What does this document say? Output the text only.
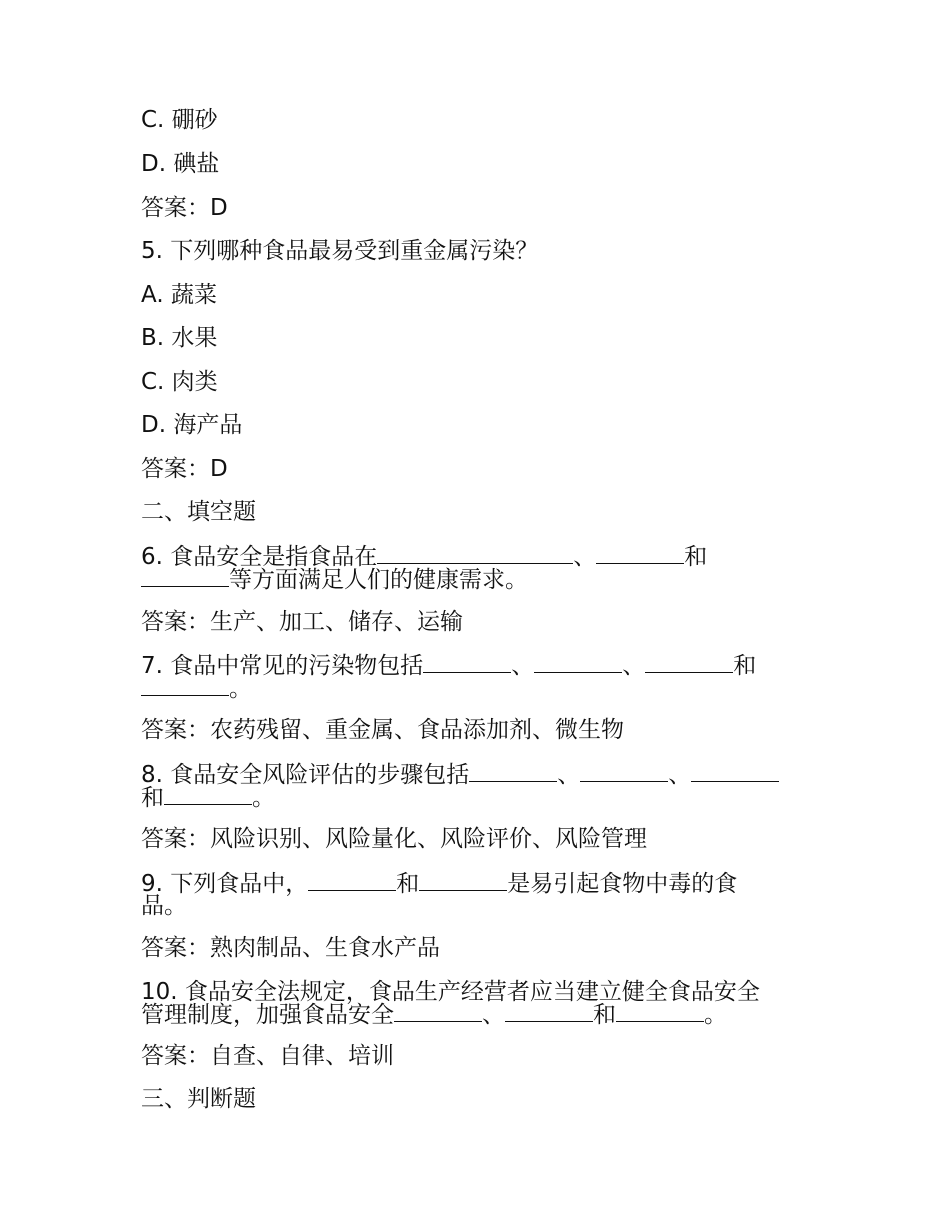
C. 硼砂
D. 碘盐
答案：D
5. 下列哪种食品最易受到重金属污染？
A. 蔬菜
B. 水果
C. 肉类
D. 海产品
答案：D
二、填空题
6. 食品安全是指食品在	、	和
等方面满足人们的健康需求。
答案：生产、加工、储存、运输
7. 食品中常见的污染物包括	、	、	和
。
答案：农药残留、重金属、食品添加剂、微生物
8. 食品安全风险评估的步骤包括	、	、
和	。
答案：风险识别、风险量化、风险评价、风险管理
9. 下列食品中，	和	是易引起食物中毒的食
品。
答案：熟肉制品、生食水产品
10. 食品安全法规定，食品生产经营者应当建立健全食品安全
管理制度，加强食品安全	、	和	。
答案：自查、自律、培训
三、判断题
